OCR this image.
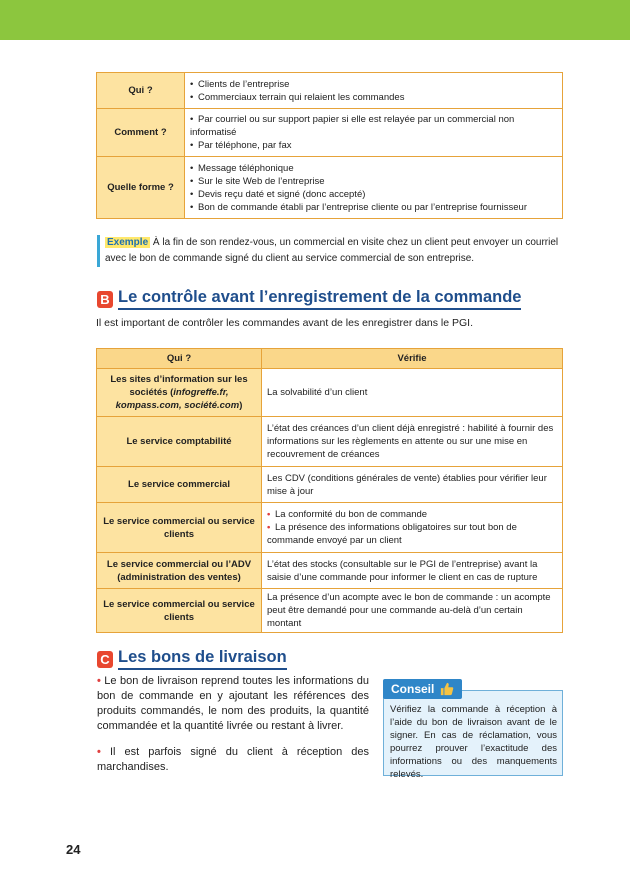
Qui ?	• Clients de l’entreprise
• Commerciaux terrain qui relaient les commandes

Comment ?	• Par courriel ou sur support papier si elle est relayée par un commercial non informatisé
• Par téléphone, par fax

Quelle forme ?	• Message téléphonique
• Sur le site Web de l’entreprise
• Devis reçu daté et signé (donc accepté)
• Bon de commande établi par l’entreprise cliente ou par l’entreprise fournisseur
Exemple À la fin de son rendez-vous, un commercial en visite chez un client peut envoyer un courriel avec le bon de commande signé du client au service commercial de son entreprise.
B Le contrôle avant l’enregistrement de la commande
Il est important de contrôler les commandes avant de les enregistrer dans le PGI.
Qui ?	Vérifie
Les sites d’information sur les sociétés (infogreffe.fr, kompass.com, société.com)	La solvabilité d’un client
Le service comptabilité	L’état des créances d’un client déjà enregistré : habilité à fournir des informations sur les règlements en attente ou sur une mise en recouvrement de créances
Le service commercial	Les CDV (conditions générales de vente) établies pour vérifier leur mise à jour
Le service commercial ou service clients	• La conformité du bon de commande
• La présence des informations obligatoires sur tout bon de commande envoyé par un client

Le service commercial ou l’ADV (administration des ventes)	L’état des stocks (consultable sur le PGI de l’entreprise) avant la saisie d’une commande pour informer le client en cas de rupture
Le service commercial ou service clients	La présence d’un acompte avec le bon de commande : un acompte peut être demandé pour une commande au-delà d’un certain montant
C Les bons de livraison

• Le bon de livraison reprend toutes les informations du bon de commande en y ajoutant les références des produits commandés, le nom des produits, la quantité commandée et la quantité livrée ou restant à livrer.

• Il est parfois signé du client à réception des marchandises.

Vérifiez la commande à réception à l’aide du bon de livraison avant de le signer. En cas de réclamation, vous pourrez prouver l’exactitude des informations ou des manquements relevés.
Conseil
24
